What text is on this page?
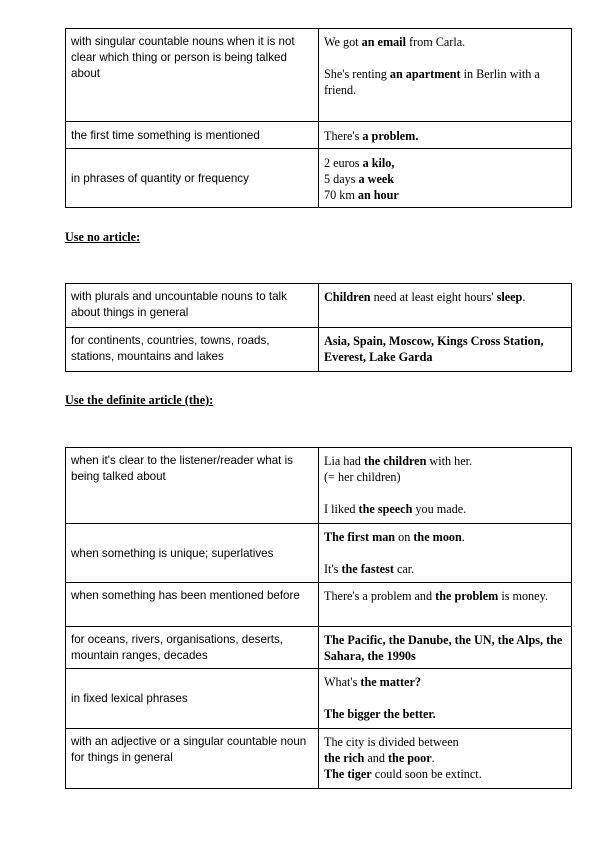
with singular countable nouns when it is not clear which thing or person is being talked about	We got an email from Carla.
She's renting an apartment in Berlin with a friend.

the first time something is mentioned	There's a problem.

in phrases of quantity or frequency	2 euros a kilo,
5 days a week
70 km an hour

Use no article:

with plurals and uncountable nouns to talk about things in general	Children need at least eight hours' sleep.

for continents, countries, towns, roads, stations, mountains and lakes	Asia, Spain, Moscow, Kings Cross Station, Everest, Lake Garda

Use the definite article (the):

when it's clear to the listener/reader what is being talked about	Lia had the children with her.
(= her children)
I liked the speech you made.

when something is unique; superlatives	The first man on the moon.
It's the fastest car.

when something has been mentioned before	There's a problem and the problem is money.

for oceans, rivers, organisations, deserts, mountain ranges, decades	The Pacific, the Danube, the UN, the Alps, the Sahara, the 1990s

in fixed lexical phrases	What's the matter?
The bigger the better.

with an adjective or a singular countable noun for things in general	The city is divided between
the rich and the poor.
The tiger could soon be extinct.
